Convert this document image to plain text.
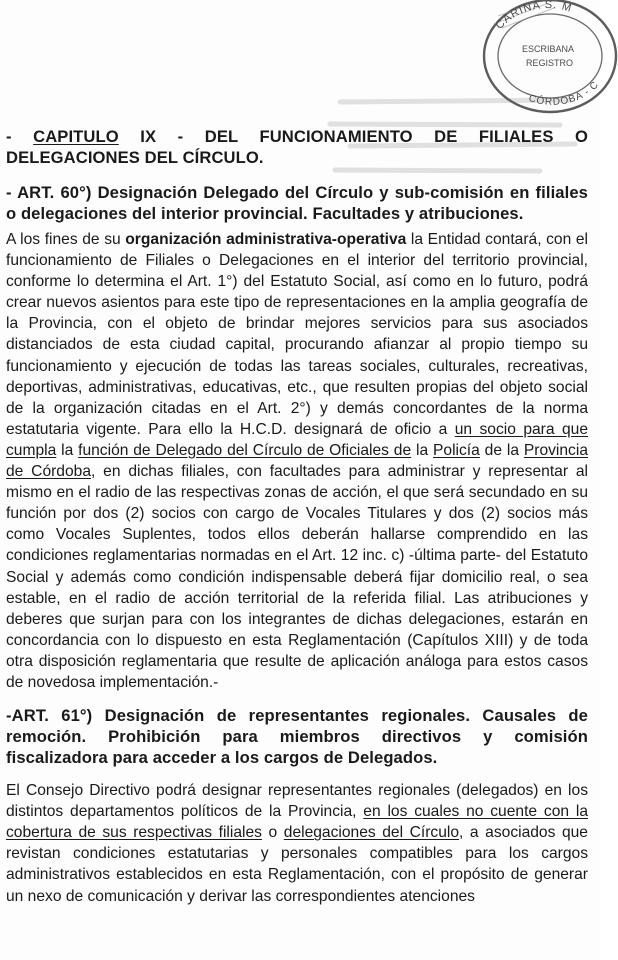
CARINA S. M
ESCRIBANA
REGISTRO
CÓRDOBA - C

- CAPITULO IX - DEL FUNCIONAMIENTO DE FILIALES O DELEGACIONES DEL CÍRCULO.

- ART. 60°) Designación Delegado del Círculo y sub-comisión en filiales o delegaciones del interior provincial. Facultades y atribuciones.

A los fines de su organización administrativa-operativa la Entidad contará, con el funcionamiento de Filiales o Delegaciones en el interior del territorio provincial, conforme lo determina el Art. 1°) del Estatuto Social, así como en lo futuro, podrá crear nuevos asientos para este tipo de representaciones en la amplia geografía de la Provincia, con el objeto de brindar mejores servicios para sus asociados distanciados de esta ciudad capital, procurando afianzar al propio tiempo su funcionamiento y ejecución de todas las tareas sociales, culturales, recreativas, deportivas, administrativas, educativas, etc., que resulten propias del objeto social de la organización citadas en el Art. 2°) y demás concordantes de la norma estatutaria vigente. Para ello la H.C.D. designará de oficio a un socio para que cumpla la función de Delegado del Círculo de Oficiales de la Policía de la Provincia de Córdoba, en dichas filiales, con facultades para administrar y representar al mismo en el radio de las respectivas zonas de acción, el que será secundado en su función por dos (2) socios con cargo de Vocales Titulares y dos (2) socios más como Vocales Suplentes, todos ellos deberán hallarse comprendido en las condiciones reglamentarias normadas en el Art. 12 inc. c) -última parte- del Estatuto Social y además como condición indispensable deberá fijar domicilio real, o sea estable, en el radio de acción territorial de la referida filial. Las atribuciones y deberes que surjan para con los integrantes de dichas delegaciones, estarán en concordancia con lo dispuesto en esta Reglamentación (Capítulos XIII) y de toda otra disposición reglamentaria que resulte de aplicación análoga para estos casos de novedosa implementación.-

-ART. 61°) Designación de representantes regionales. Causales de remoción. Prohibición para miembros directivos y comisión fiscalizadora para acceder a los cargos de Delegados.

El Consejo Directivo podrá designar representantes regionales (delegados) en los distintos departamentos políticos de la Provincia, en los cuales no cuente con la cobertura de sus respectivas filiales o delegaciones del Círculo, a asociados que revistan condiciones estatutarias y personales compatibles para los cargos administrativos establecidos en esta Reglamentación, con el propósito de generar un nexo de comunicación y derivar las correspondientes atenciones
